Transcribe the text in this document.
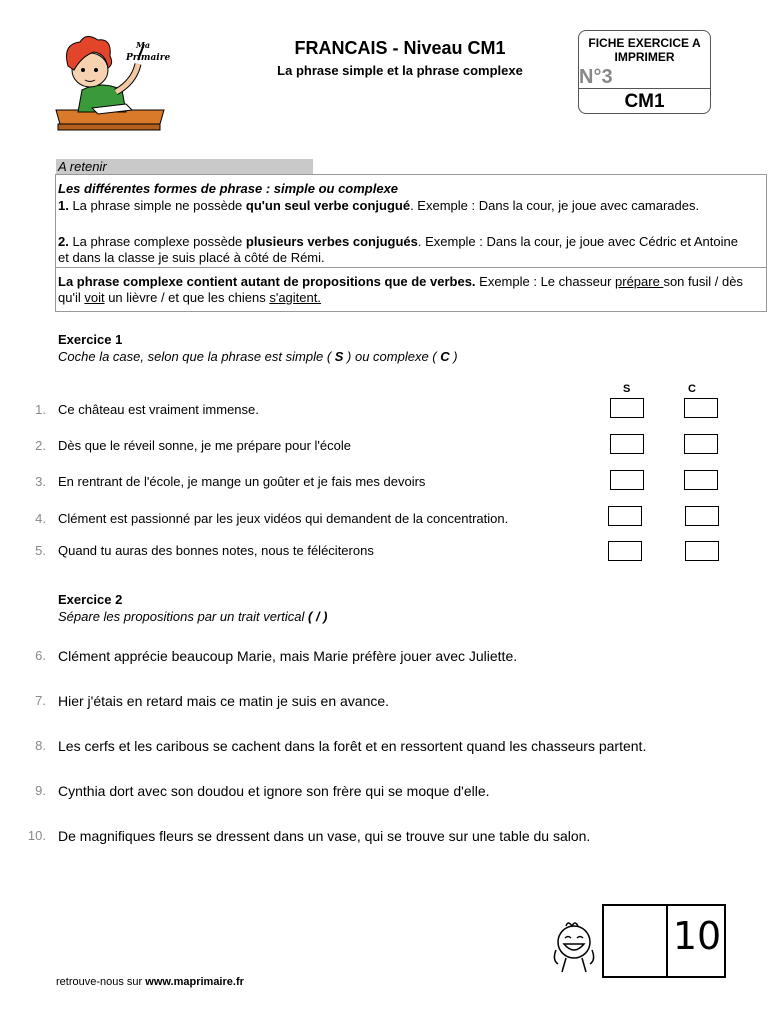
Ma
Primaire	FRANCAIS - Niveau CM1
La phrase simple et la phrase complexe
FICHE EXERCICE A IMPRIMER
N°3
CM1
A retenir
Les différentes formes de phrase : simple ou complexe
1. La phrase simple ne possède qu'un seul verbe conjugué. Exemple : Dans la cour, je joue avec camarades.
2. La phrase complexe possède plusieurs verbes conjugués. Exemple : Dans la cour, je joue avec Cédric et Antoine et dans la classe je suis placé à côté de Rémi.
La phrase complexe contient autant de propositions que de verbes. Exemple : Le chasseur prépare son fusil / dès qu'il voit un lièvre / et que les chiens s'agitent.
Exercice 1
Coche la case, selon que la phrase est simple ( S ) ou complexe ( C )
S	C
1. Ce château est vraiment immense.
2. Dès que le réveil sonne, je me prépare pour l'école
3. En rentrant de l'école, je mange un goûter et je fais mes devoirs
4. Clément est passionné par les jeux vidéos qui demandent de la concentration.
5. Quand tu auras des bonnes notes, nous te féléciterons
Exercice 2
Sépare les propositions par un trait vertical ( / )
6. Clément apprécie beaucoup Marie, mais Marie préfère jouer avec Juliette.
7. Hier j'étais en retard mais ce matin je suis en avance.
8. Les cerfs et les caribous se cachent dans la forêt et en ressortent quand les chasseurs partent.
9. Cynthia dort avec son doudou et ignore son frère qui se moque d'elle.
10. De magnifiques fleurs se dressent dans un vase, qui se trouve sur une table du salon.
10
retrouve-nous sur www.maprimaire.fr
